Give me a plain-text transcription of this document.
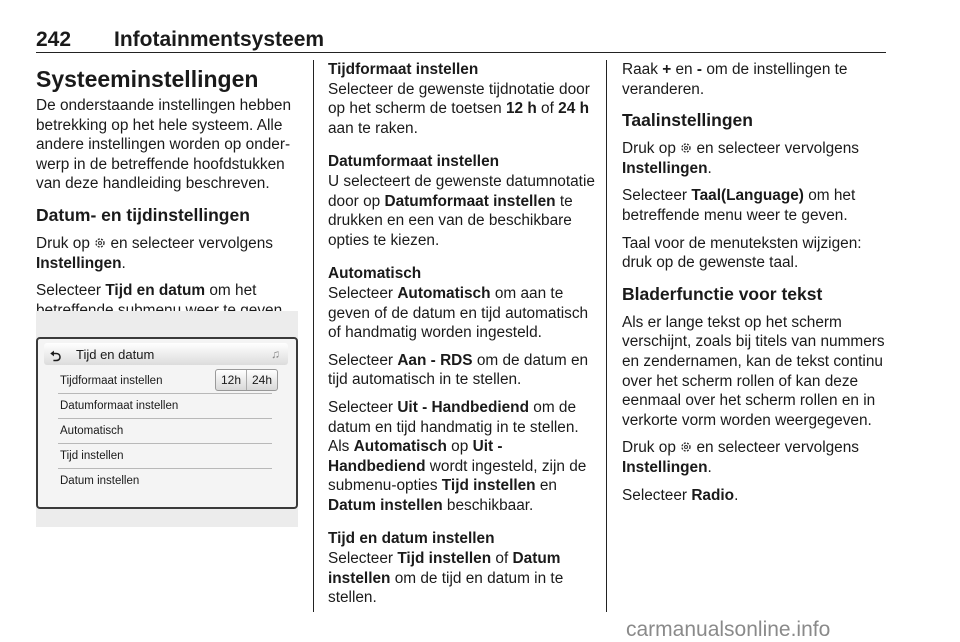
242 Infotainmentsysteem
Systeeminstellingen

De onderstaande instellingen hebben betrekking op het hele systeem. Alle andere instellingen worden op onderwerp in de betreffende hoofdstukken van deze handleiding beschreven.

Datum- en tijdinstellingen

Druk op en selecteer vervolgens Instellingen.

Selecteer Tijd en datum om het

⮌ Tijd en datum	♫
Tijdformaat instellen	12h 24h
Datumformaat instellen
Automatisch
Tijd instellen
Datum instellen
Tijdformaat instellen

Selecteer de gewenste tijdnotatie door op het scherm de toetsen 12 h of 24 h aan te raken.

Datumformaat instellen

U selecteert de gewenste datumnotatie door op Datumformaat instellen te drukken en een van de beschikbare opties te kiezen.

Automatisch

Selecteer Automatisch om aan te geven of de datum en tijd automatisch of handmatig worden ingesteld.

Selecteer Aan - RDS om de datum en tijd automatisch in te stellen.

Selecteer Uit - Handbediend om de datum en tijd handmatig in te stellen. Als Automatisch op Uit - Handbediend wordt ingesteld, zijn de submenu-opties Tijd instellen en Datum instellen beschikbaar.

Tijd en datum instellen

Selecteer Tijd instellen of Datum instellen om de tijd en datum in te stellen.

Raak + en - om de instellingen te veranderen.

Taalinstellingen

Druk op en selecteer vervolgens Instellingen.

Selecteer Taal(Language) om het betreffende menu weer te geven.

Taal voor de menuteksten wijzigen: druk op de gewenste taal.

Bladerfunctie voor tekst

Als er lange tekst op het scherm verschijnt, zoals bij titels van nummers en zendernamen, kan de tekst continu over het scherm rollen of kan deze eenmaal over het scherm rollen en in verkorte vorm worden weergegeven.

Druk op en selecteer vervolgens Instellingen.

Selecteer Radio.

carmanualsonline.info
